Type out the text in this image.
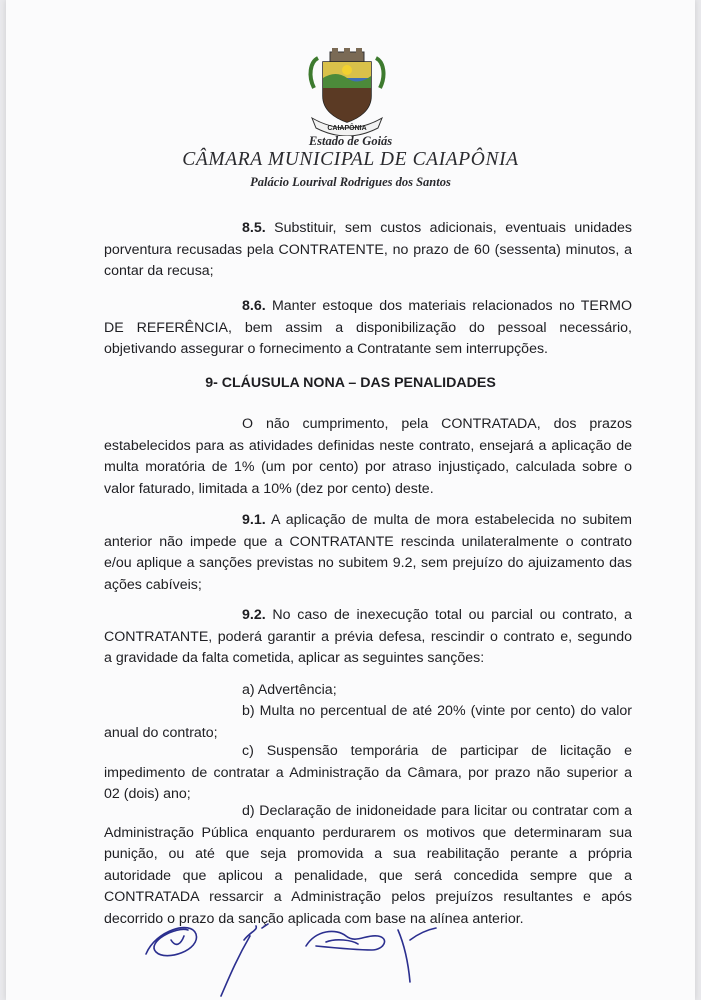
CAIAPÔNIA
Estado de Goiás
CÂMARA MUNICIPAL DE CAIAPÔNIA
Palácio Lourival Rodrigues dos Santos
8.5. Substituir, sem custos adicionais, eventuais unidades
porventura recusadas pela CONTRATENTE, no prazo de 60 (sessenta) minutos, a
contar da recusa;
8.6. Manter estoque dos materiais relacionados no TERMO
DE REFERÊNCIA, bem assim a disponibilização do pessoal necessário,
objetivando assegurar o fornecimento a Contratante sem interrupções.
9- CLÁUSULA NONA – DAS PENALIDADES
O não cumprimento, pela CONTRATADA, dos prazos
estabelecidos para as atividades definidas neste contrato, ensejará a aplicação de
multa moratória de 1% (um por cento) por atraso injustiçado, calculada sobre o
valor faturado, limitada a 10% (dez por cento) deste.
9.1. A aplicação de multa de mora estabelecida no subitem
anterior não impede que a CONTRATANTE rescinda unilateralmente o contrato
e/ou aplique a sanções previstas no subitem 9.2, sem prejuízo do ajuizamento das
ações cabíveis;
9.2. No caso de inexecução total ou parcial ou contrato, a
CONTRATANTE, poderá garantir a prévia defesa, rescindir o contrato e, segundo
a gravidade da falta cometida, aplicar as seguintes sanções:
a) Advertência;
b) Multa no percentual de até 20% (vinte por cento) do valor
anual do contrato;
c) Suspensão temporária de participar de licitação e
impedimento de contratar a Administração da Câmara, por prazo não superior a
02 (dois) ano;
d) Declaração de inidoneidade para licitar ou contratar com a
Administração Pública enquanto perdurarem os motivos que determinaram sua
punição, ou até que seja promovida a sua reabilitação perante a própria
autoridade que aplicou a penalidade, que será concedida sempre que a
CONTRATADA ressarcir a Administração pelos prejuízos resultantes e após
decorrido o prazo da sanção aplicada com base na alínea anterior.
